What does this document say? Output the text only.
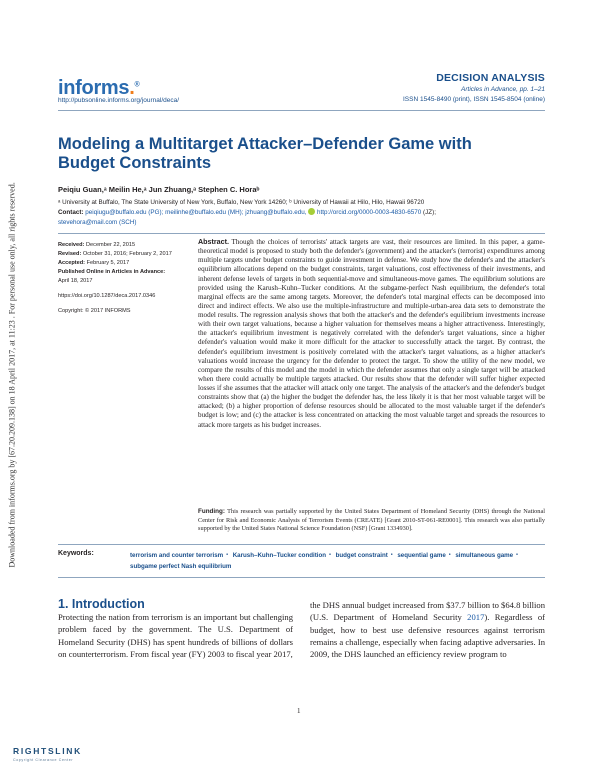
Downloaded from informs.org by [67.20.209.138] on 18 April 2017, at 11:23 . For personal use only, all rights reserved.
informs.®
http://pubsonline.informs.org/journal/deca/
DECISION ANALYSIS
Articles in Advance, pp. 1–21
ISSN 1545-8490 (print), ISSN 1545-8504 (online)
Modeling a Multitarget Attacker–Defender Game with Budget Constraints
Peiqiu Guan,ᵃ Meilin He,ᵃ Jun Zhuang,ᵃ Stephen C. Horaᵇ
ᵃ University at Buffalo, The State University of New York, Buffalo, New York 14260; ᵇ University of Hawaii at Hilo, Hilo, Hawaii 96720
Contact: peiqiugu@buffalo.edu (PG); meilinhe@buffalo.edu (MH); jzhuang@buffalo.edu, http://orcid.org/0000-0003-4830-6570 (JZ);
stevehora@mail.com (SCH)
Received: December 22, 2015
Revised: October 31, 2016; February 2, 2017
Accepted: February 5, 2017
Published Online in Articles in Advance:
April 18, 2017
https://doi.org/10.1287/deca.2017.0346
Copyright: © 2017 INFORMS
Abstract. Though the choices of terrorists' attack targets are vast, their resources are limited. In this paper, a game-theoretical model is proposed to study both the defender's (government) and the attacker's (terrorist) expenditures among multiple targets under budget constraints to guide investment in defense. We study how the defender's and the attacker's equilibrium allocations depend on the budget constraints, target valuations, cost effectiveness of their investments, and inherent defense levels of targets in both sequential-move and simultaneous-move games. The equilibrium solutions are provided using the Karush–Kuhn–Tucker conditions. At the subgame-perfect Nash equilibrium, the defender's total marginal effects are the same among targets. Moreover, the defender's total marginal effects can be decomposed into direct and indirect effects. We also use the multiple-infrastructure and multiple-urban-area data sets to demonstrate the model results. The regression analysis shows that both the attacker's and the defender's equilibrium investments increase with their own target valuations, because a higher valuation for themselves means a higher attractiveness. Interestingly, the attacker's equilibrium investment is negatively correlated with the defender's target valuations, since a higher defender's valuation would make it more difficult for the attacker to successfully attack the target. By contrast, the defender's equilibrium investment is positively correlated with the attacker's target valuations, as a higher attacker's valuations would increase the urgency for the defender to protect the target. To show the utility of the new model, we compare the results of this model and the model in which the defender assumes that only a single target will be attacked when there could actually be multiple targets attacked. Our results show that the defender will suffer higher expected losses if she assumes that the attacker will attack only one target. The analysis of the attacker's and the defender's budget constraints show that (a) the higher the budget the defender has, the less likely it is that her most valuable target will be attacked; (b) a higher proportion of defense resources should be allocated to the most valuable target if the defender's budget is low; and (c) the attacker is less concentrated on attacking the most valuable target and spreads the resources to attack more targets as his budget increases.
Funding: This research was partially supported by the United States Department of Homeland Security (DHS) through the National Center for Risk and Economic Analysis of Terrorism Events (CREATE) [Grant 2010-ST-061-RE0001]. This research was also partially supported by the United States National Science Foundation (NSF) [Grant 1334930].
Keywords:	terrorism and counter terrorism • Karush–Kuhn–Tucker condition • budget constraint • sequential game • simultaneous game •
subgame perfect Nash equilibrium
1. Introduction
Protecting the nation from terrorism is an important but challenging problem faced by the government. The U.S. Department of Homeland Security (DHS) has spent hundreds of billions of dollars on counterterrorism. From fiscal year (FY) 2003 to fiscal year 2017,
the DHS annual budget increased from $37.7 billion to $64.8 billion (U.S. Department of Homeland Security 2017). Regardless of budget, how to best use defensive resources against terrorism remains a challenge, especially when facing adaptive adversaries. In 2009, the DHS launched an efficiency review program to
1
RIGHTSLINK
Copyright Clearance Center
